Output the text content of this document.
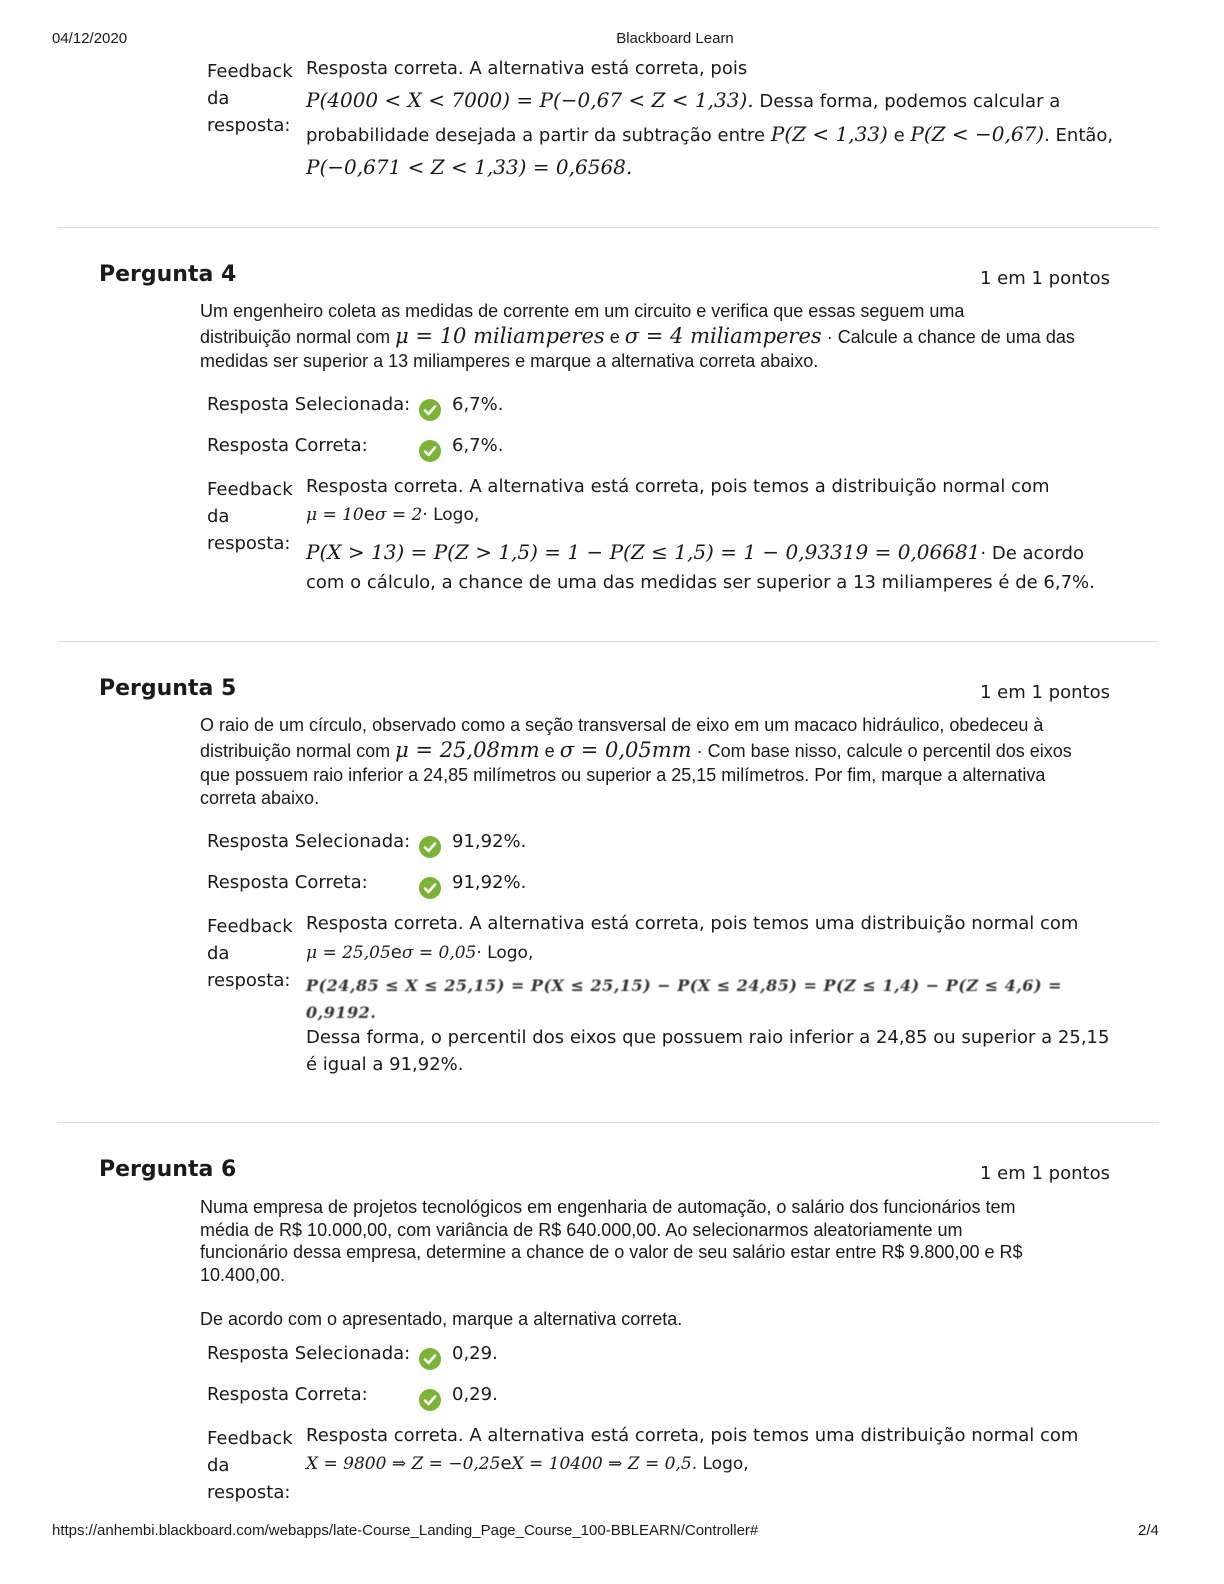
04/12/2020	Blackboard Learn
Feedback
da
resposta:
Resposta correta. A alternativa está correta, pois
P(4000 < X < 7000) = P(−0,67 < Z < 1,33). Dessa forma, podemos calcular a
probabilidade desejada a partir da subtração entre P(Z < 1,33) e P(Z < −0,67). Então,
P(−0,671 < Z < 1,33) = 0,6568.
Pergunta 4	1 em 1 pontos
Um engenheiro coleta as medidas de corrente em um circuito e verifica que essas seguem uma
distribuição normal com μ = 10 miliamperes e σ = 4 miliamperes · Calcule a chance de uma das
medidas ser superior a 13 miliamperes e marque a alternativa correta abaixo.
Resposta Selecionada: 6,7%.
Resposta Correta:	6,7%.
Feedback
da
resposta:
Resposta correta. A alternativa está correta, pois temos a distribuição normal com
μ = 10eσ = 2· Logo,
P(X > 13) = P(Z > 1,5) = 1 − P(Z ≤ 1,5) = 1 − 0,93319 = 0,06681· De acordo
com o cálculo, a chance de uma das medidas ser superior a 13 miliamperes é de 6,7%.
Pergunta 5	1 em 1 pontos
O raio de um círculo, observado como a seção transversal de eixo em um macaco hidráulico, obedeceu à
distribuição normal com μ = 25,08mm e σ = 0,05mm · Com base nisso, calcule o percentil dos eixos
que possuem raio inferior a 24,85 milímetros ou superior a 25,15 milímetros. Por fim, marque a alternativa
correta abaixo.
Resposta Selecionada: 91,92%.
Resposta Correta:	91,92%.
Feedback
da
resposta:
Resposta correta. A alternativa está correta, pois temos uma distribuição normal com
μ = 25,05eσ = 0,05· Logo,
P(24,85 ≤ X ≤ 25,15) = P(X ≤ 25,15) − P(X ≤ 24,85) = P(Z ≤ 1,4) − P(Z ≤ 4,6) =
0,9192.
Dessa forma, o percentil dos eixos que possuem raio inferior a 24,85 ou superior a 25,15
é igual a 91,92%.
Pergunta 6	1 em 1 pontos
Numa empresa de projetos tecnológicos em engenharia de automação, o salário dos funcionários tem
média de R$ 10.000,00, com variância de R$ 640.000,00. Ao selecionarmos aleatoriamente um
funcionário dessa empresa, determine a chance de o valor de seu salário estar entre R$ 9.800,00 e R$
10.400,00.
De acordo com o apresentado, marque a alternativa correta.
Resposta Selecionada: 0,29.
Resposta Correta:	0,29.
Feedback
da
resposta:
Resposta correta. A alternativa está correta, pois temos uma distribuição normal com
X = 9800 ⇒ Z = −0,25eX = 10400 ⇒ Z = 0,5. Logo,
https://anhembi.blackboard.com/webapps/late-Course_Landing_Page_Course_100-BBLEARN/Controller#	2/4
